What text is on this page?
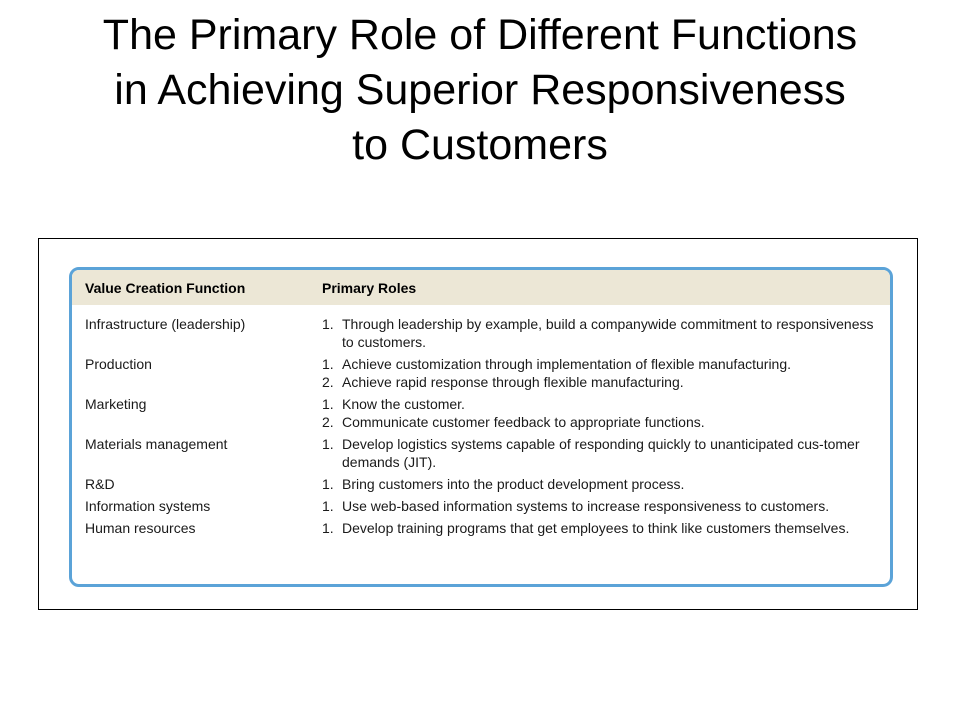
The Primary Role of Different Functions
in Achieving Superior Responsiveness
to Customers
Value Creation Function	Primary Roles
Infrastructure (leadership)	1. Through leadership by example, build a companywide commitment to responsiveness to customers.
Production	1. Achieve customization through implementation of flexible manufacturing.
2. Achieve rapid response through flexible manufacturing.
Marketing	1. Know the customer.
2. Communicate customer feedback to appropriate functions.
Materials management	1. Develop logistics systems capable of responding quickly to unanticipated cus-tomer demands (JIT).
R&D	1. Bring customers into the product development process.
Information systems	1. Use web-based information systems to increase responsiveness to customers.
Human resources	1. Develop training programs that get employees to think like customers themselves.
